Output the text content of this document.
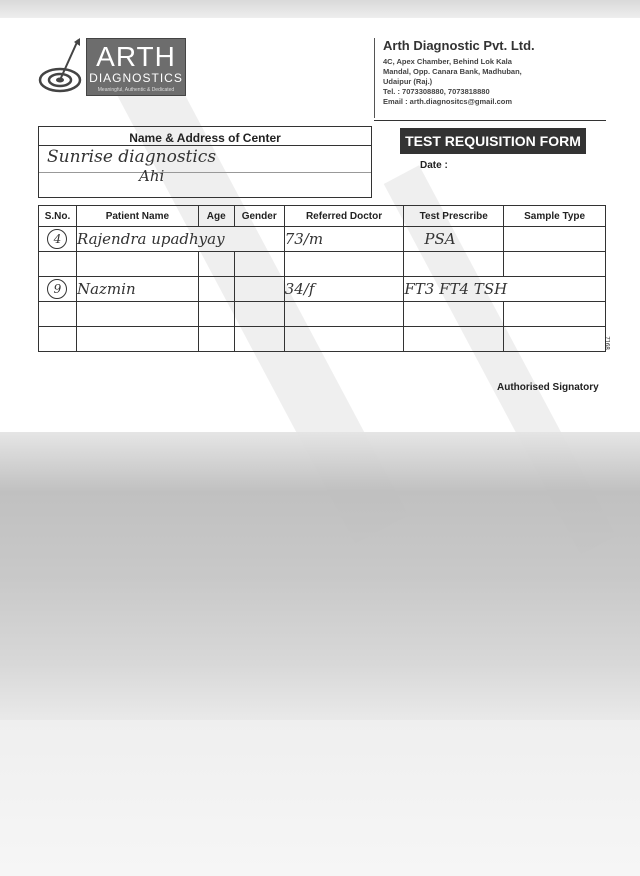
ARTH
DIAGNOSTICS
Meaningful, Authentic & Dedicated
Arth Diagnostic Pvt. Ltd.
4C, Apex Chamber, Behind Lok Kala
Mandal, Opp. Canara Bank, Madhuban,
Udaipur (Raj.)
Tel. : 7073308880, 7073818880
Email : arth.diagnositcs@gmail.com
Name & Address of Center
Sunrise diagnostics
Ahi
TEST REQUISITION FORM
Date :
S.No.	Patient Name	Age	Gender	Referred Doctor	Test Prescribe	Sample Type
4	Rajendra upadhyay			73/m	PSA	

9	Nazmin			34/f	FT3 FT4 TSH	

7168
Authorised Signatory
